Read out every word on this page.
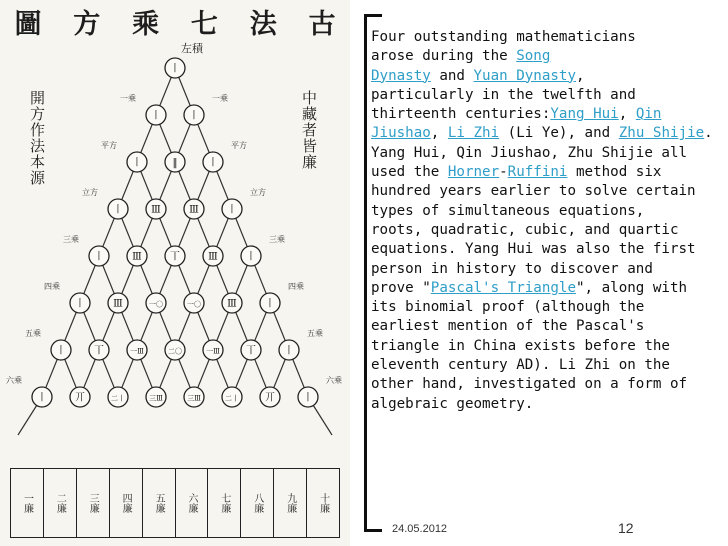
古
法
七
乘
方
圖
開方作法本源	中藏者皆廉
丨
丨	丨
丨	‖	丨
丨	Ⅲ	Ⅲ	丨
丨	Ⅲ	丅	Ⅲ	丨
丨	Ⅲ	一〇	一〇	Ⅲ	丨
丨	丅	一Ⅲ	二〇	一Ⅲ	丅	丨
丨	丌	二丨	三Ⅲ	三Ⅲ	二丨	丌	丨
左積
一乘
平方
立方
三乘
四乘
五乘
六乘
一乘
平方
立方
三乘
四乘
五乘
六乘
一廉 二廉 三廉 四廉 五廉 六廉 七廉 八廉 九廉 十廉

Four outstanding mathematicians
arose during the Song
Dynasty and Yuan Dynasty,
particularly in the twelfth and
thirteenth centuries:Yang Hui, Qin
Jiushao, Li Zhi (Li Ye), and Zhu Shijie.
Yang Hui, Qin Jiushao, Zhu Shijie all
used the Horner-Ruffini method six
hundred years earlier to solve certain
types of simultaneous equations,
roots, quadratic, cubic, and quartic
equations. Yang Hui was also the first
person in history to discover and
prove "Pascal's Triangle", along with
its binomial proof (although the
earliest mention of the Pascal's
triangle in China exists before the
eleventh century AD). Li Zhi on the
other hand, investigated on a form of
algebraic geometry.

24.05.2012	12
